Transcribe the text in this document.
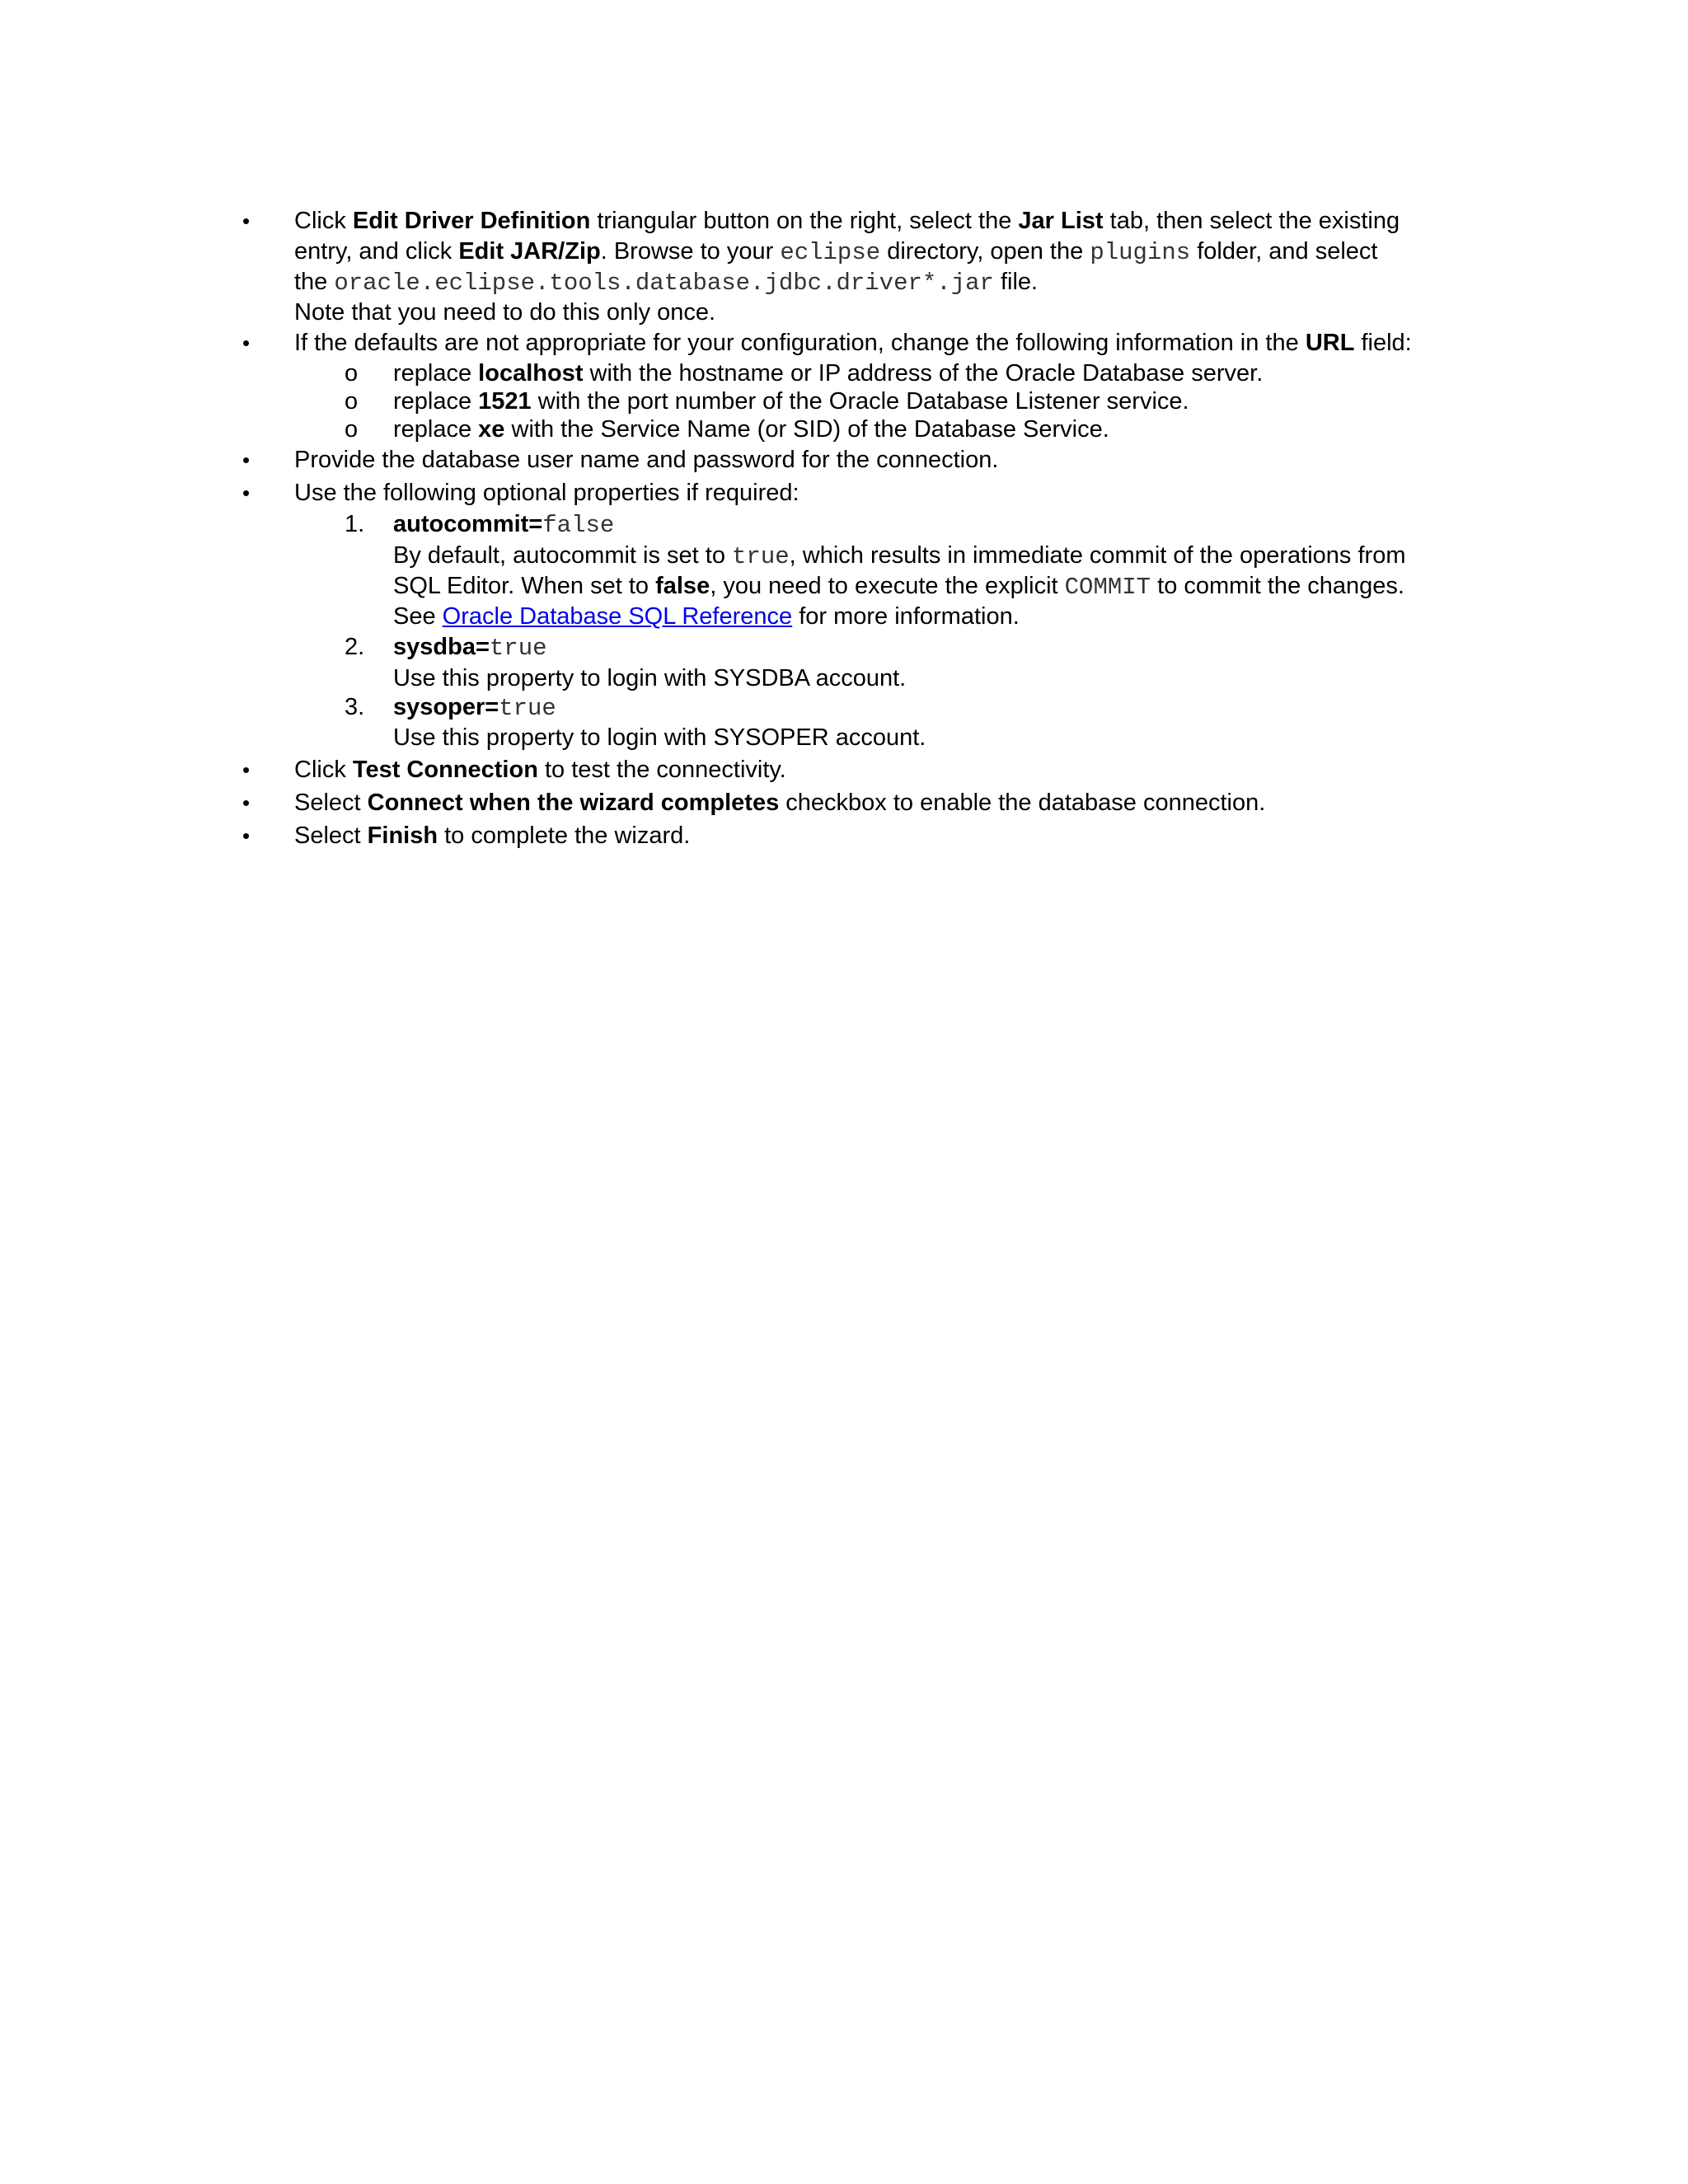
• Click Edit Driver Definition triangular button on the right, select the Jar List tab, then select the existing
entry, and click Edit JAR/Zip. Browse to your eclipse directory, open the plugins folder, and select
the oracle.eclipse.tools.database.jdbc.driver*.jar file.
Note that you need to do this only once.
• If the defaults are not appropriate for your configuration, change the following information in the URL field:
o replace localhost with the hostname or IP address of the Oracle Database server.
o replace 1521 with the port number of the Oracle Database Listener service.
o replace xe with the Service Name (or SID) of the Database Service.
• Provide the database user name and password for the connection.
• Use the following optional properties if required:
1. autocommit=false
By default, autocommit is set to true, which results in immediate commit of the operations from
SQL Editor. When set to false, you need to execute the explicit COMMIT to commit the changes.
See Oracle Database SQL Reference for more information.
2. sysdba=true
Use this property to login with SYSDBA account.
3. sysoper=true
Use this property to login with SYSOPER account.
• Click Test Connection to test the connectivity.
• Select Connect when the wizard completes checkbox to enable the database connection.
• Select Finish to complete the wizard.
